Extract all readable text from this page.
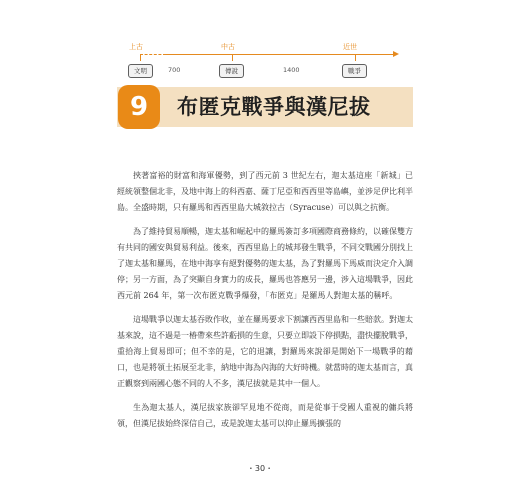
上古	中古	近世
文明	700	傳說	1400	戰爭
9	布匿克戰爭與漢尼拔

挾著富裕的財富和海軍優勢，到了西元前 3 世紀左右，迦太基這座「新城」已經統領整個北非，及地中海上的科西嘉、薩丁尼亞和西西里等島嶼，並涉足伊比利半島。全盛時期，只有羅馬和西西里島大城敘拉古（Syracuse）可以與之抗衡。

為了維持貿易順暢，迦太基和崛起中的羅馬簽訂多項國際商務條約，以確保雙方有共同的國安與貿易利益。後來，西西里島上的城邦發生戰爭，不同交戰國分別找上了迦太基和羅馬，在地中海享有絕對優勢的迦太基，為了對羅馬下馬威而決定介入調停；另一方面，為了突顯自身實力的成長，羅馬也答應另一邊，涉入這場戰爭，因此西元前 264 年，第一次布匿克戰爭爆發，「布匿克」是羅馬人對迦太基的稱呼。

這場戰爭以迦太基吞敗作收，並在羅馬要求下割讓西西里島和一些賠款。對迦太基來說，這不過是一椿帶來些許虧損的生意，只要立即設下停損點，盡快擺脫戰爭，重拾海上貿易即可；但不幸的是，它的退讓，對羅馬來說卻是開始下一場戰爭的藉口，也是將領土拓展至北非，納地中海為內海的大好時機。就當時的迦太基而言，真正觀察到兩國心態不同的人不多，漢尼拔就是其中一個人。

生為迦太基人，漢尼拔家族卻罕見地不從商，而是從事于受國人重視的傭兵將領，但漢尼拔始終深信自己，或是說迦太基可以抑止羅馬擴張的

・30・
